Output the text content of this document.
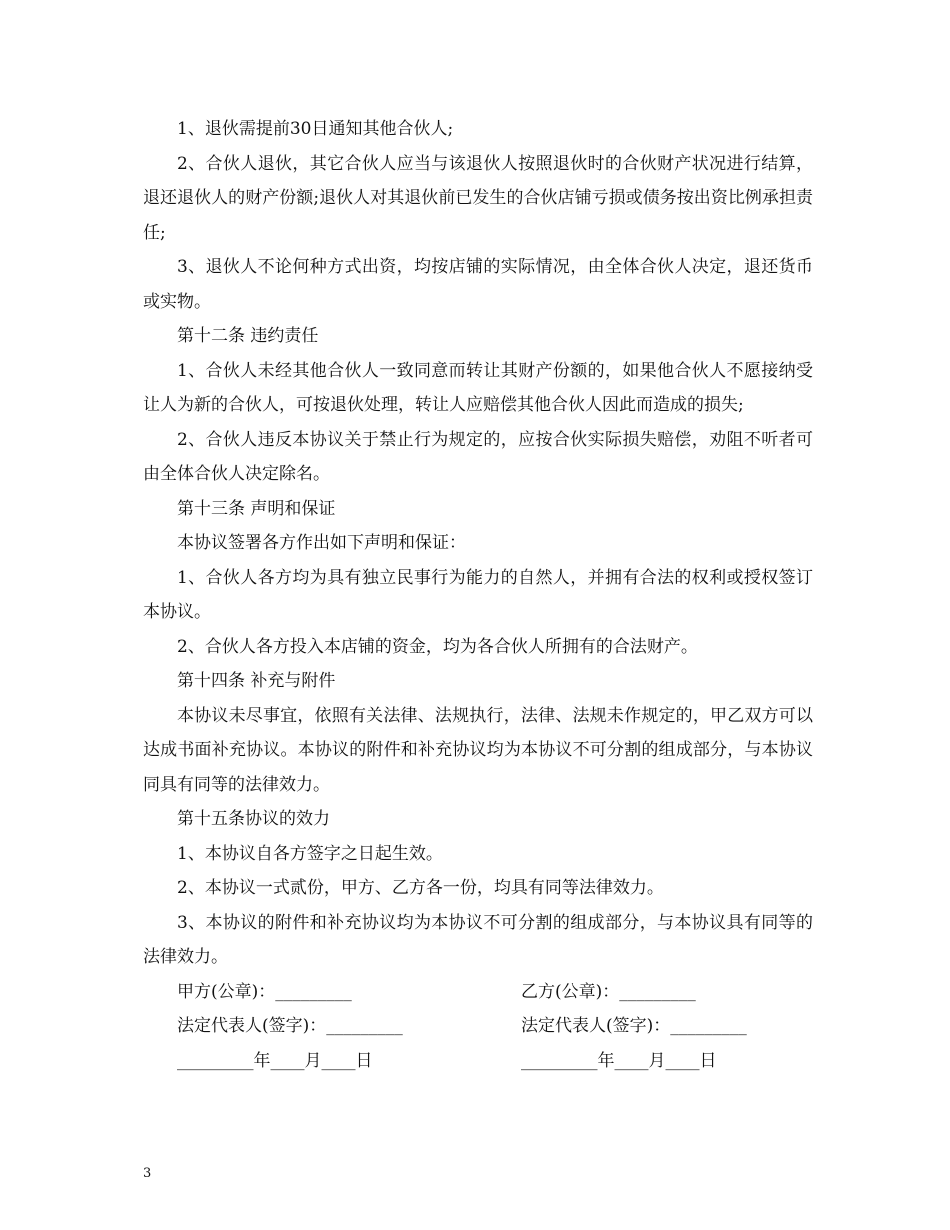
1、退伙需提前30日通知其他合伙人;

2、合伙人退伙，其它合伙人应当与该退伙人按照退伙时的合伙财产状况进行结算，退还退伙人的财产份额;退伙人对其退伙前已发生的合伙店铺亏损或债务按出资比例承担责任;

3、退伙人不论何种方式出资，均按店铺的实际情况，由全体合伙人决定，退还货币或实物。

第十二条 违约责任

1、合伙人未经其他合伙人一致同意而转让其财产份额的，如果他合伙人不愿接纳受让人为新的合伙人，可按退伙处理，转让人应赔偿其他合伙人因此而造成的损失;

2、合伙人违反本协议关于禁止行为规定的，应按合伙实际损失赔偿，劝阻不听者可由全体合伙人决定除名。

第十三条 声明和保证

本协议签署各方作出如下声明和保证：

1、合伙人各方均为具有独立民事行为能力的自然人，并拥有合法的权利或授权签订本协议。

2、合伙人各方投入本店铺的资金，均为各合伙人所拥有的合法财产。

第十四条 补充与附件

本协议未尽事宜，依照有关法律、法规执行，法律、法规未作规定的，甲乙双方可以达成书面补充协议。本协议的附件和补充协议均为本协议不可分割的组成部分，与本协议同具有同等的法律效力。

第十五条协议的效力

1、本协议自各方签字之日起生效。

2、本协议一式贰份，甲方、乙方各一份，均具有同等法律效力。

3、本协议的附件和补充协议均为本协议不可分割的组成部分，与本协议具有同等的法律效力。

甲方(公章)：_________	乙方(公章)：_________
法定代表人(签字)：_________	法定代表人(签字)：_________
_________年____月____日	_________年____月____日
3
